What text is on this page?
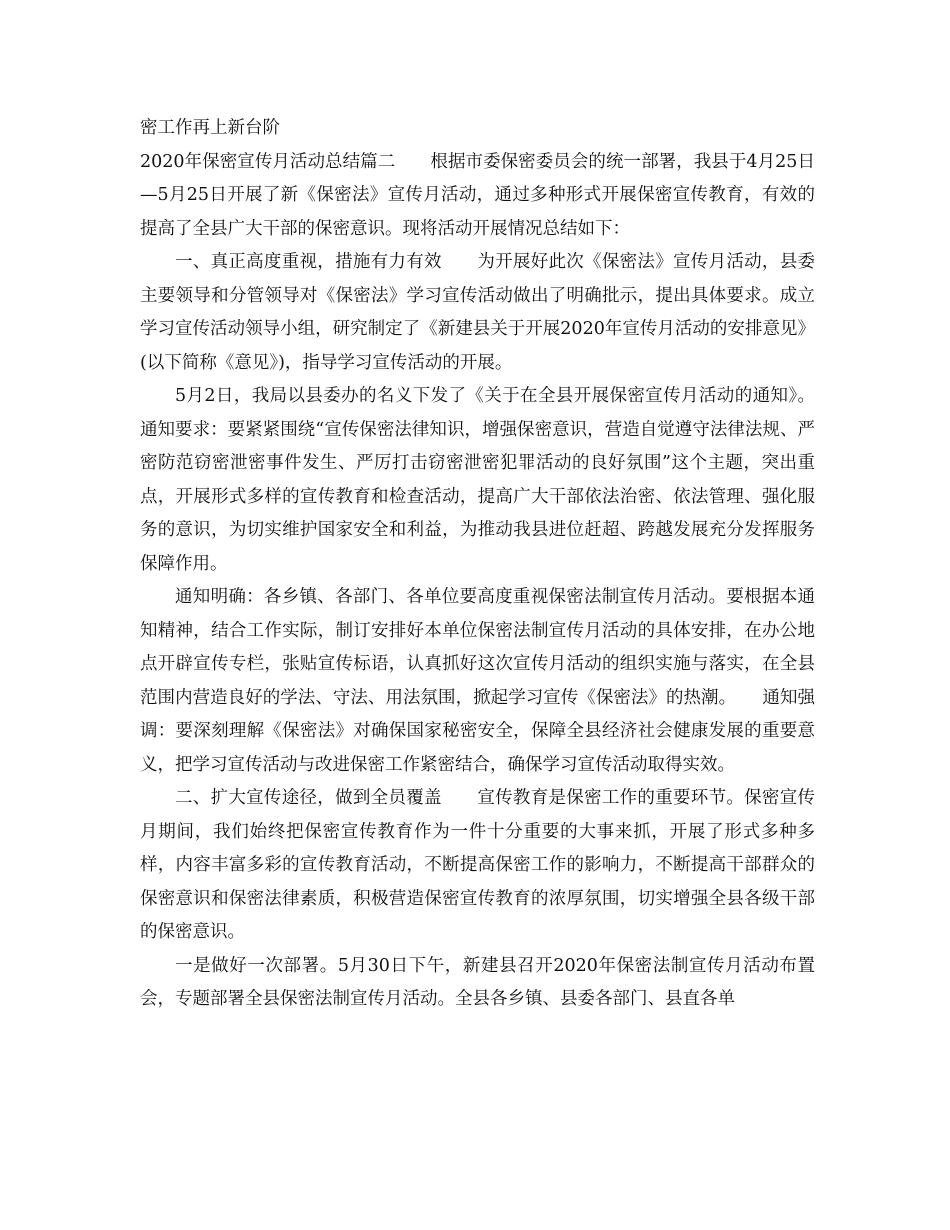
密工作再上新台阶

2020年保密宣传月活动总结篇二　　根据市委保密委员会的统一部署，我县于4月25日—5月25日开展了新《保密法》宣传月活动，通过多种形式开展保密宣传教育，有效的提高了全县广大干部的保密意识。现将活动开展情况总结如下：

一、真正高度重视，措施有力有效　　为开展好此次《保密法》宣传月活动，县委主要领导和分管领导对《保密法》学习宣传活动做出了明确批示，提出具体要求。成立学习宣传活动领导小组，研究制定了《新建县关于开展2020年宣传月活动的安排意见》(以下简称《意见》)，指导学习宣传活动的开展。

5月2日，我局以县委办的名义下发了《关于在全县开展保密宣传月活动的通知》。通知要求：要紧紧围绕“宣传保密法律知识，增强保密意识，营造自觉遵守法律法规、严密防范窃密泄密事件发生、严厉打击窃密泄密犯罪活动的良好氛围”这个主题，突出重点，开展形式多样的宣传教育和检查活动，提高广大干部依法治密、依法管理、强化服务的意识，为切实维护国家安全和利益，为推动我县进位赶超、跨越发展充分发挥服务保障作用。

通知明确：各乡镇、各部门、各单位要高度重视保密法制宣传月活动。要根据本通知精神，结合工作实际，制订安排好本单位保密法制宣传月活动的具体安排，在办公地点开辟宣传专栏，张贴宣传标语，认真抓好这次宣传月活动的组织实施与落实，在全县范围内营造良好的学法、守法、用法氛围，掀起学习宣传《保密法》的热潮。　　通知强调：要深刻理解《保密法》对确保国家秘密安全，保障全县经济社会健康发展的重要意义，把学习宣传活动与改进保密工作紧密结合，确保学习宣传活动取得实效。

二、扩大宣传途径，做到全员覆盖　　宣传教育是保密工作的重要环节。保密宣传月期间，我们始终把保密宣传教育作为一件十分重要的大事来抓，开展了形式多种多样，内容丰富多彩的宣传教育活动，不断提高保密工作的影响力，不断提高干部群众的保密意识和保密法律素质，积极营造保密宣传教育的浓厚氛围，切实增强全县各级干部的保密意识。

一是做好一次部署。5月30日下午，新建县召开2020年保密法制宣传月活动布置会，专题部署全县保密法制宣传月活动。全县各乡镇、县委各部门、县直各单
